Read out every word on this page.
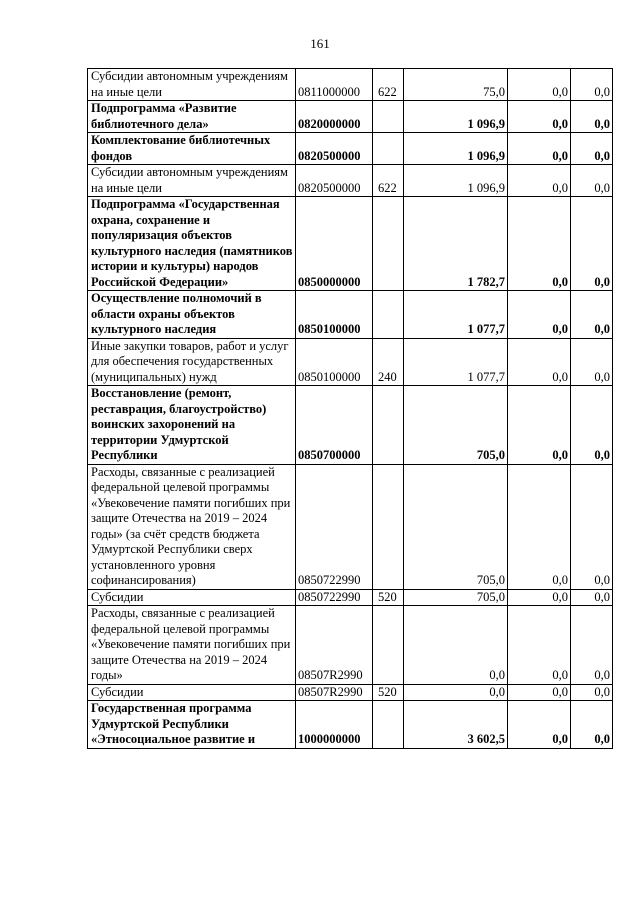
161
Субсидии автономным учреждениям на иные цели	0811000000	622	75,0	0,0	0,0
Подпрограмма «Развитие библиотечного дела»	0820000000		1 096,9	0,0	0,0
Комплектование библиотечных фондов	0820500000		1 096,9	0,0	0,0
Субсидии автономным учреждениям на иные цели	0820500000	622	1 096,9	0,0	0,0
Подпрограмма «Государственная охрана, сохранение и популяризация объектов культурного наследия (памятников истории и культуры) народов Российской Федерации»	0850000000		1 782,7	0,0	0,0
Осуществление полномочий в области охраны объектов культурного наследия	0850100000		1 077,7	0,0	0,0
Иные закупки товаров, работ и услуг для обеспечения государственных (муниципальных) нужд	0850100000	240	1 077,7	0,0	0,0
Восстановление (ремонт, реставрация, благоустройство) воинских захоронений на территории Удмуртской Республики	0850700000		705,0	0,0	0,0
Расходы, связанные с реализацией федеральной целевой программы «Увековечение памяти погибших при защите Отечества на 2019 – 2024 годы» (за счёт средств бюджета Удмуртской Республики сверх установленного уровня софинансирования)	0850722990		705,0	0,0	0,0
Субсидии	0850722990	520	705,0	0,0	0,0
Расходы, связанные с реализацией федеральной целевой программы «Увековечение памяти погибших при защите Отечества на 2019 – 2024 годы»	08507R2990		0,0	0,0	0,0
Субсидии	08507R2990	520	0,0	0,0	0,0
Государственная программа Удмуртской Республики «Этносоциальное развитие и	1000000000		3 602,5	0,0	0,0
